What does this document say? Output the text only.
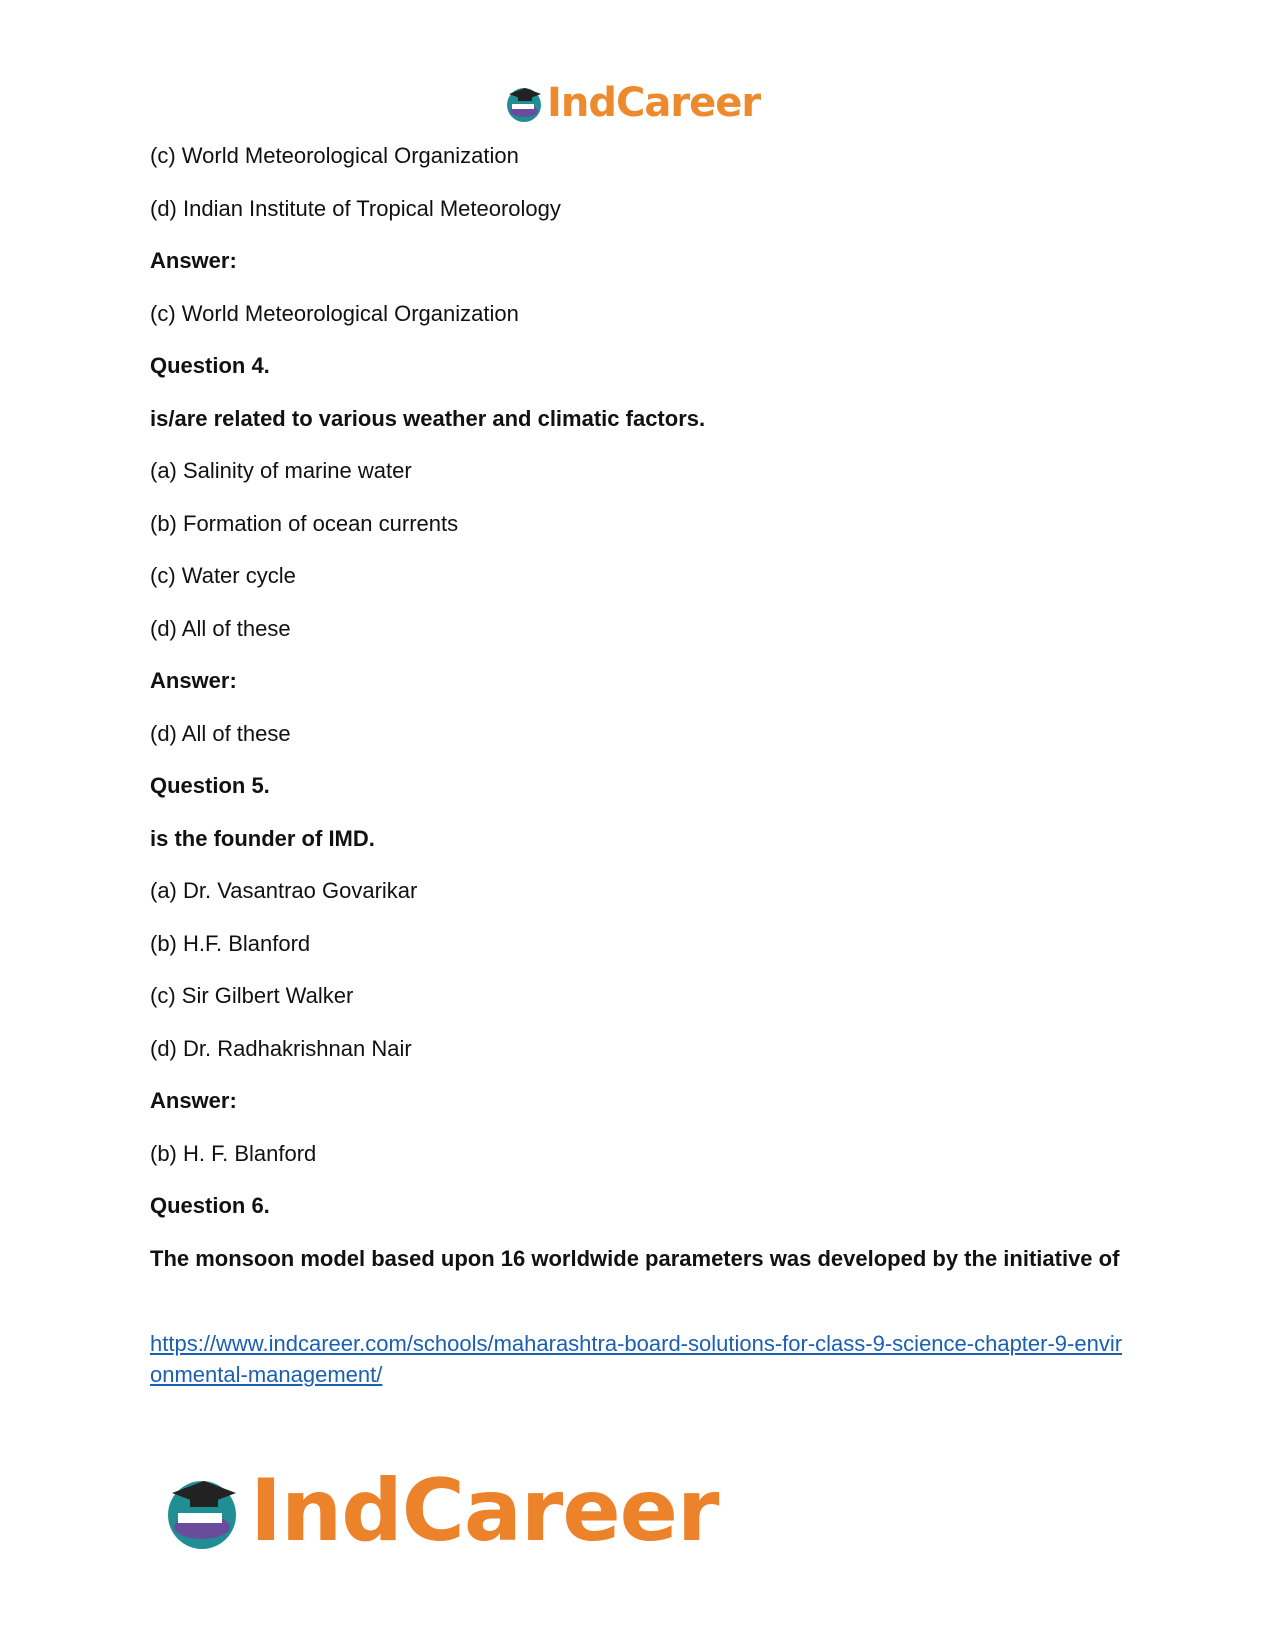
IndCareer
(c) World Meteorological Organization
(d) Indian Institute of Tropical Meteorology
Answer:
(c) World Meteorological Organization
Question 4.
is/are related to various weather and climatic factors.
(a) Salinity of marine water
(b) Formation of ocean currents
(c) Water cycle
(d) All of these
Answer:
(d) All of these
Question 5.
is the founder of IMD.
(a) Dr. Vasantrao Govarikar
(b) H.F. Blanford
(c) Sir Gilbert Walker
(d) Dr. Radhakrishnan Nair
Answer:
(b) H. F. Blanford
Question 6.
The monsoon model based upon 16 worldwide parameters was developed by the initiative of
https://www.indcareer.com/schools/maharashtra-board-solutions-for-class-9-science-chapter-9-environmental-management/
IndCareer
